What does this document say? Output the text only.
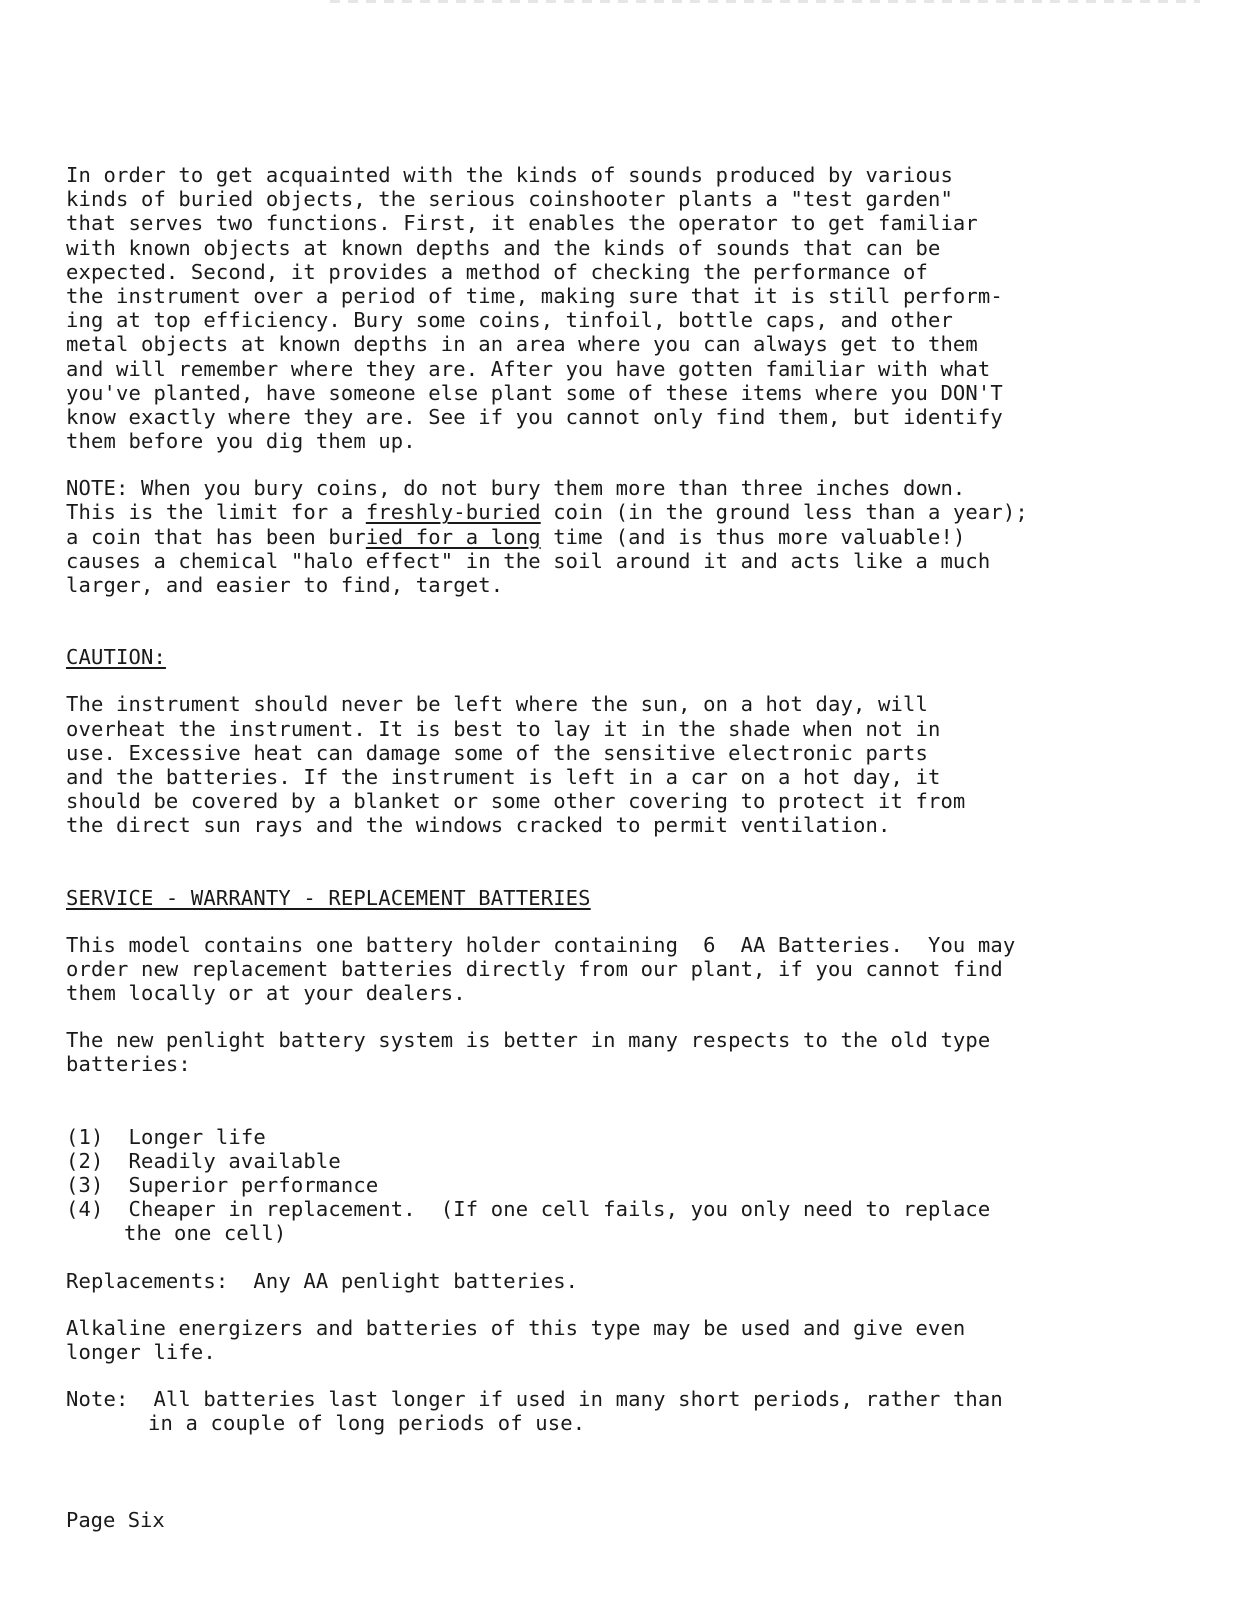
In order to get acquainted with the kinds of sounds produced by various
kinds of buried objects, the serious coinshooter plants a "test garden"
that serves two functions. First, it enables the operator to get familiar
with known objects at known depths and the kinds of sounds that can be
expected. Second, it provides a method of checking the performance of
the instrument over a period of time, making sure that it is still perform-
ing at top efficiency. Bury some coins, tinfoil, bottle caps, and other
metal objects at known depths in an area where you can always get to them
and will remember where they are. After you have gotten familiar with what
you've planted, have someone else plant some of these items where you DON'T
know exactly where they are. See if you cannot only find them, but identify
them before you dig them up.
NOTE: When you bury coins, do not bury them more than three inches down.
This is the limit for a freshly-buried coin (in the ground less than a year);
a coin that has been buried for a long time (and is thus more valuable!)
causes a chemical "halo effect" in the soil around it and acts like a much
larger, and easier to find, target.
CAUTION:
The instrument should never be left where the sun, on a hot day, will
overheat the instrument. It is best to lay it in the shade when not in
use. Excessive heat can damage some of the sensitive electronic parts
and the batteries. If the instrument is left in a car on a hot day, it
should be covered by a blanket or some other covering to protect it from
the direct sun rays and the windows cracked to permit ventilation.
SERVICE - WARRANTY - REPLACEMENT BATTERIES
This model contains one battery holder containing  6  AA Batteries.  You may
order new replacement batteries directly from our plant, if you cannot find
them locally or at your dealers.
The new penlight battery system is better in many respects to the old type
batteries:
(1) Longer life
(2) Readily available
(3) Superior performance
(4) Cheaper in replacement.  (If one cell fails, you only need to replace
the one cell)
Replacements:  Any AA penlight batteries.
Alkaline energizers and batteries of this type may be used and give even
longer life.
Note: All batteries last longer if used in many short periods, rather than
in a couple of long periods of use.
Page Six
